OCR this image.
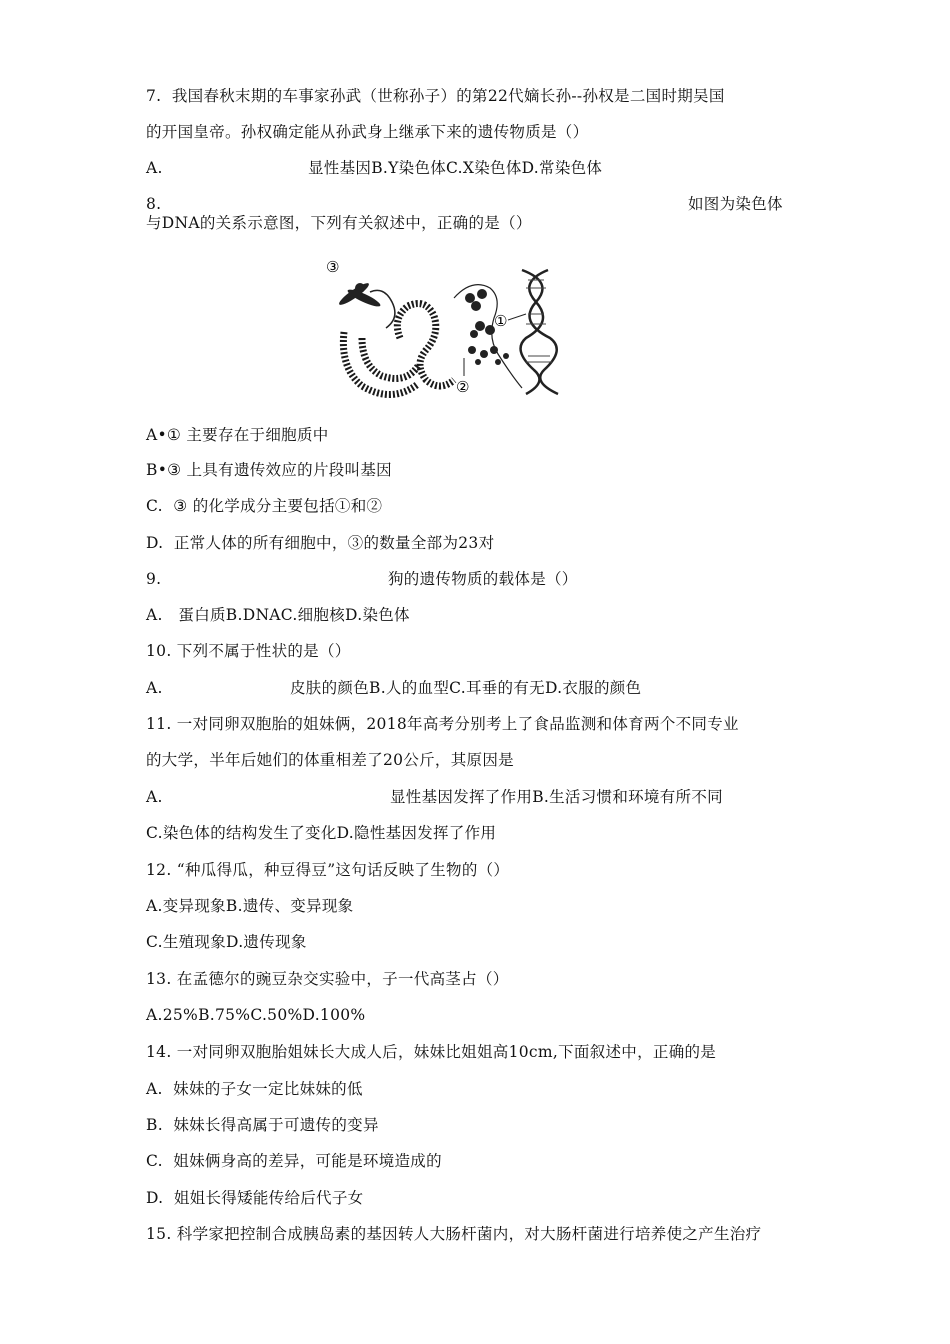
7.  我国春秋末期的车事家孙武（世称孙子）的第22代嫡长孙--孙权是二国时期吴国
的开国皇帝。孙权确定能从孙武身上继承下来的遗传物质是（）
A.	显性基因B.Y染色体C.X染色体D.常染色体
8.	如图为染色体
与DNA的关系示意图，下列有关叙述中，正确的是（）
③
①
②
A•① 主要存在于细胞质中
B•③ 上具有遗传效应的片段叫基因
C.  ③ 的化学成分主要包括①和②
D.  正常人体的所有细胞中，③的数量全部为23对
9.	狗的遗传物质的载体是（）
A.   蛋白质B.DNAC.细胞核D.染色体
10. 下列不属于性状的是（）
A.	皮肤的颜色B.人的血型C.耳垂的有无D.衣服的颜色
11. 一对同卵双胞胎的姐妹俩，2018年高考分别考上了食品监测和体育两个不同专业
的大学，半年后她们的体重相差了20公斤，其原因是
A.	显性基因发挥了作用B.生活习惯和环境有所不同
C.染色体的结构发生了变化D.隐性基因发挥了作用
12. “种瓜得瓜，种豆得豆”这句话反映了生物的（）
A.变异现象B.遗传、变异现象
C.生殖现象D.遗传现象
13. 在孟德尔的豌豆杂交实验中，子一代高茎占（）
A.25%B.75%C.50%D.100%
14. 一对同卵双胞胎姐妹长大成人后，妹妹比姐姐高10cm,下面叙述中，正确的是
A.  妹妹的子女一定比妹妹的低
B.  妹妹长得高属于可遗传的变异
C.  姐妹俩身高的差异，可能是环境造成的
D.  姐姐长得矮能传给后代子女
15. 科学家把控制合成胰岛素的基因转人大肠杆菌内，对大肠杆菌进行培养使之产生治疗
